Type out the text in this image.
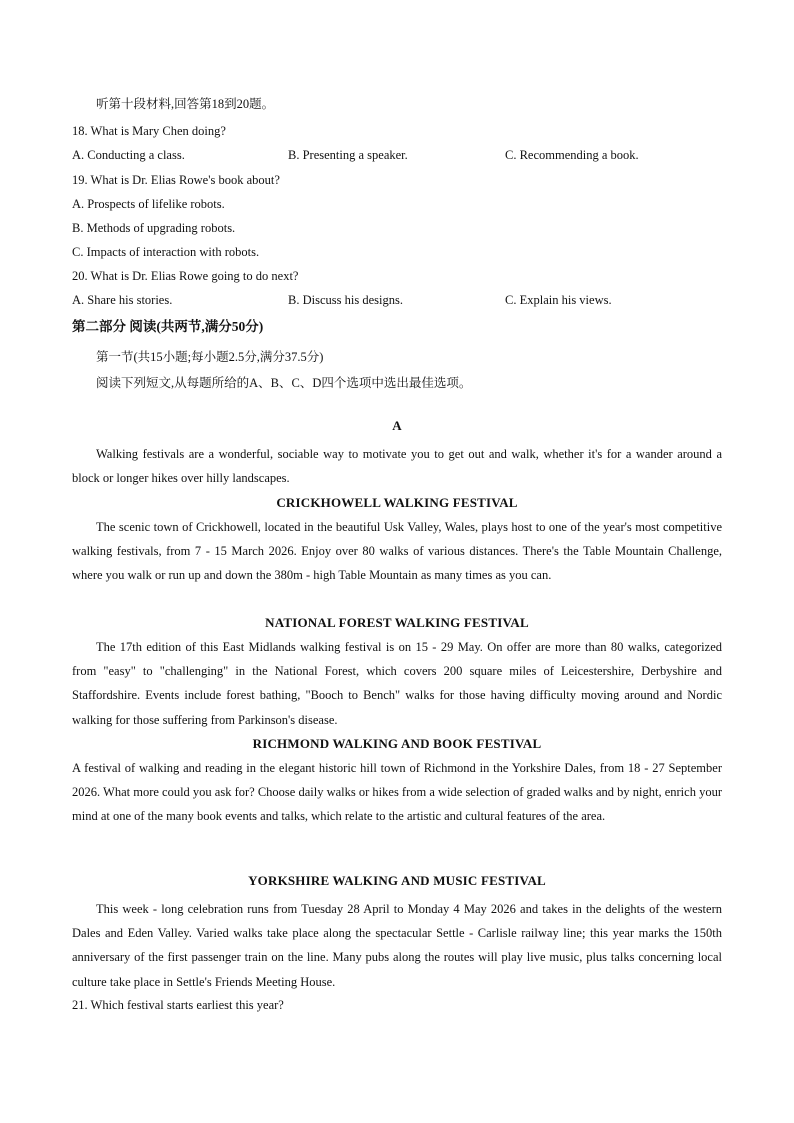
听第十段材料,回答第18到20题。
18. What is Mary Chen doing?
A. Conducting a class.	B. Presenting a speaker.	C. Recommending a book.
19. What is Dr. Elias Rowe's book about?
A. Prospects of lifelike robots.
B. Methods of upgrading robots.
C. Impacts of interaction with robots.
20. What is Dr. Elias Rowe going to do next?
A. Share his stories.	B. Discuss his designs.	C. Explain his views.
第二部分 阅读(共两节,满分50分)
第一节(共15小题;每小题2.5分,满分37.5分)
阅读下列短文,从每题所给的A、B、C、D四个选项中选出最佳选项。
A
Walking festivals are a wonderful, sociable way to motivate you to get out and walk, whether it's for a wander around a block or longer hikes over hilly landscapes.
CRICKHOWELL WALKING FESTIVAL
The scenic town of Crickhowell, located in the beautiful Usk Valley, Wales, plays host to one of the year's most competitive walking festivals, from 7 - 15 March 2026. Enjoy over 80 walks of various distances. There's the Table Mountain Challenge, where you walk or run up and down the 380m - high Table Mountain as many times as you can.
NATIONAL FOREST WALKING FESTIVAL
The 17th edition of this East Midlands walking festival is on 15 - 29 May. On offer are more than 80 walks, categorized from "easy" to "challenging" in the National Forest, which covers 200 square miles of Leicestershire, Derbyshire and Staffordshire. Events include forest bathing, "Booch to Bench" walks for those having difficulty moving around and Nordic walking for those suffering from Parkinson's disease.
RICHMOND WALKING AND BOOK FESTIVAL
A festival of walking and reading in the elegant historic hill town of Richmond in the Yorkshire Dales, from 18 - 27 September 2026. What more could you ask for? Choose daily walks or hikes from a wide selection of graded walks and by night, enrich your mind at one of the many book events and talks, which relate to the artistic and cultural features of the area.
YORKSHIRE WALKING AND MUSIC FESTIVAL
This week - long celebration runs from Tuesday 28 April to Monday 4 May 2026 and takes in the delights of the western Dales and Eden Valley. Varied walks take place along the spectacular Settle - Carlisle railway line; this year marks the 150th anniversary of the first passenger train on the line. Many pubs along the routes will play live music, plus talks concerning local culture take place in Settle's Friends Meeting House.
21. Which festival starts earliest this year?
